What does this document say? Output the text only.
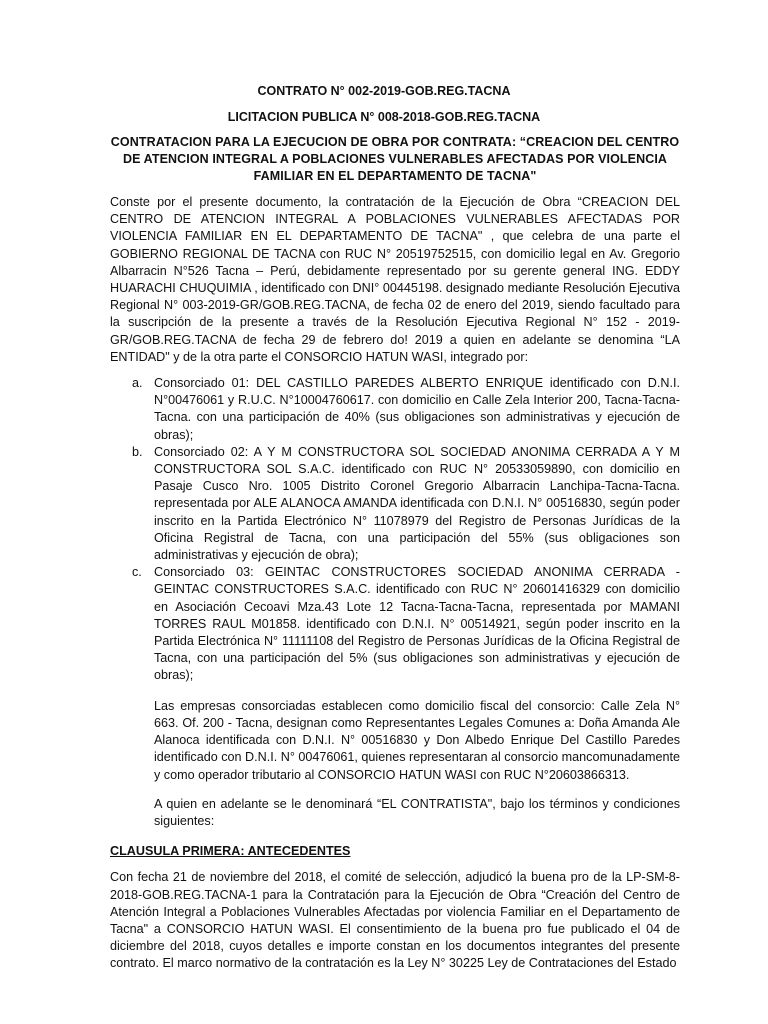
CONTRATO N° 002-2019-GOB.REG.TACNA
LICITACION PUBLICA N° 008-2018-GOB.REG.TACNA
CONTRATACION PARA LA EJECUCION DE OBRA POR CONTRATA: “CREACION DEL CENTRO DE ATENCION INTEGRAL A POBLACIONES VULNERABLES AFECTADAS POR VIOLENCIA FAMILIAR EN EL DEPARTAMENTO DE TACNA"

Conste por el presente documento, la contratación de la Ejecución de Obra “CREACION DEL CENTRO DE ATENCION INTEGRAL A POBLACIONES VULNERABLES AFECTADAS POR VIOLENCIA FAMILIAR EN EL DEPARTAMENTO DE TACNA" , que celebra de una parte el GOBIERNO REGIONAL DE TACNA con RUC N° 20519752515, con domicilio legal en Av. Gregorio Albarracin N°526 Tacna – Perú, debidamente representado por su gerente general ING. EDDY HUARACHI CHUQUIMIA , identificado con DNI° 00445198. designado mediante Resolución Ejecutiva Regional N° 003-2019-GR/GOB.REG.TACNA, de fecha 02 de enero del 2019, siendo facultado para la suscripción de la presente a través de la Resolución Ejecutiva Regional N° 152 - 2019-GR/GOB.REG.TACNA de fecha 29 de febrero do! 2019 a quien en adelante se denomina “LA ENTIDAD" y de la otra parte el CONSORCIO HATUN WASI, integrado por:

a. Consorciado 01: DEL CASTILLO PAREDES ALBERTO ENRIQUE identificado con D.N.I. N°00476061 y R.U.C. N°10004760617. con domicilio en Calle Zela Interior 200, Tacna-Tacna-Tacna. con una participación de 40% (sus obligaciones son administrativas y ejecución de obras);
b. Consorciado 02: A Y M CONSTRUCTORA SOL SOCIEDAD ANONIMA CERRADA A Y M CONSTRUCTORA SOL S.A.C. identificado con RUC N° 20533059890, con domicilio en Pasaje Cusco Nro. 1005 Distrito Coronel Gregorio Albarracin Lanchipa-Tacna-Tacna. representada por ALE ALANOCA AMANDA identificada con D.N.I. N° 00516830, según poder inscrito en la Partida Electrónico N° 11078979 del Registro de Personas Jurídicas de la Oficina Registral de Tacna, con una participación del 55% (sus obligaciones son administrativas y ejecución de obra);
c. Consorciado 03: GEINTAC CONSTRUCTORES SOCIEDAD ANONIMA CERRADA - GEINTAC CONSTRUCTORES S.A.C. identificado con RUC N° 20601416329 con domicilio en Asociación Cecoavi Mza.43 Lote 12 Tacna-Tacna-Tacna, representada por MAMANI TORRES RAUL M01858. identificado con D.N.I. N° 00514921, según poder inscrito en la Partida Electrónica N° 11111108 del Registro de Personas Jurídicas de la Oficina Registral de Tacna, con una participación del 5% (sus obligaciones son administrativas y ejecución de obras);

Las empresas consorciadas establecen como domicilio fiscal del consorcio: Calle Zela N° 663. Of. 200 - Tacna, designan como Representantes Legales Comunes a: Doña Amanda Ale Alanoca identificada con D.N.I. N° 00516830 y Don Albedo Enrique Del Castillo Paredes identificado con D.N.I. N° 00476061, quienes representaran al consorcio mancomunadamente y como operador tributario al CONSORCIO HATUN WASI con RUC N°20603866313.

A quien en adelante se le denominará “EL CONTRATISTA", bajo los términos y condiciones siguientes:

CLAUSULA PRIMERA: ANTECEDENTES

Con fecha 21 de noviembre del 2018, el comité de selección, adjudicó la buena pro de la LP-SM-8-2018-GOB.REG.TACNA-1 para la Contratación para la Ejecución de Obra “Creación del Centro de Atención Integral a Poblaciones Vulnerables Afectadas por violencia Familiar en el Departamento de Tacna" a CONSORCIO HATUN WASI. El consentimiento de la buena pro fue publicado el 04 de diciembre del 2018, cuyos detalles e importe constan en los documentos integrantes del presente contrato. El marco normativo de la contratación es la Ley N° 30225 Ley de Contrataciones del Estado
